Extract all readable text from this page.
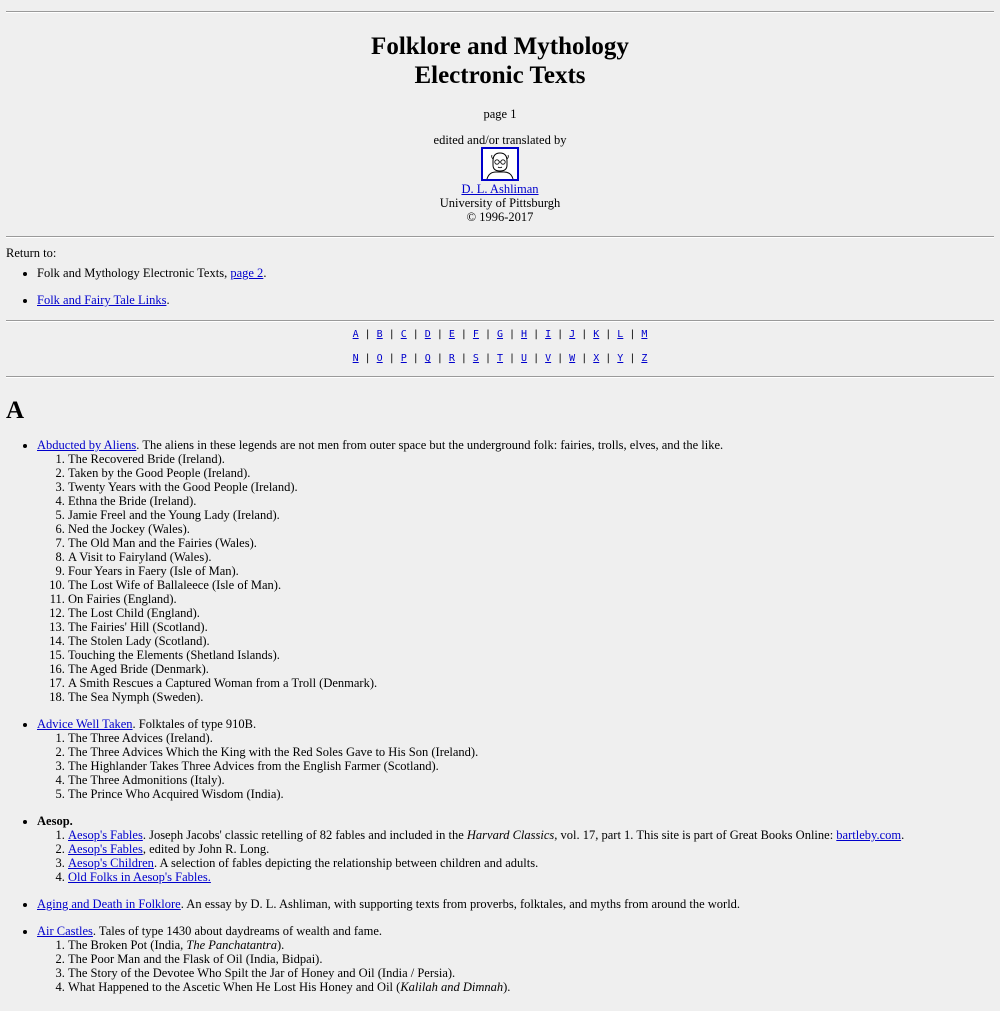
Folklore and Mythology
Electronic Texts
page 1
edited and/or translated by

D. L. Ashliman
University of Pittsburgh
© 1996-2017
Return to:
• Folk and Mythology Electronic Texts, page 2.
• Folk and Fairy Tale Links.
A | B | C | D | E | F | G | H | I | J | K | L | M
N | O | P | Q | R | S | T | U | V | W | X | Y | Z
A
• Abducted by Aliens. The aliens in these legends are not men from outer space but the underground folk: fairies, trolls, elves, and the like.
1. The Recovered Bride (Ireland).
2. Taken by the Good People (Ireland).
3. Twenty Years with the Good People (Ireland).
4. Ethna the Bride (Ireland).
5. Jamie Freel and the Young Lady (Ireland).
6. Ned the Jockey (Wales).
7. The Old Man and the Fairies (Wales).
8. A Visit to Fairyland (Wales).
9. Four Years in Faery (Isle of Man).
10. The Lost Wife of Ballaleece (Isle of Man).
11. On Fairies (England).
12. The Lost Child (England).
13. The Fairies' Hill (Scotland).
14. The Stolen Lady (Scotland).
15. Touching the Elements (Shetland Islands).
16. The Aged Bride (Denmark).
17. A Smith Rescues a Captured Woman from a Troll (Denmark).
18. The Sea Nymph (Sweden).
• Advice Well Taken. Folktales of type 910B.
1. The Three Advices (Ireland).
2. The Three Advices Which the King with the Red Soles Gave to His Son (Ireland).
3. The Highlander Takes Three Advices from the English Farmer (Scotland).
4. The Three Admonitions (Italy).
5. The Prince Who Acquired Wisdom (India).
• Aesop.
1. Aesop's Fables. Joseph Jacobs' classic retelling of 82 fables and included in the Harvard Classics, vol. 17, part 1. This site is part of Great Books Online: bartleby.com.
2. Aesop's Fables, edited by John R. Long.
3. Aesop's Children. A selection of fables depicting the relationship between children and adults.
4. Old Folks in Aesop's Fables.
• Aging and Death in Folklore. An essay by D. L. Ashliman, with supporting texts from proverbs, folktales, and myths from around the world.
• Air Castles. Tales of type 1430 about daydreams of wealth and fame.
1. The Broken Pot (India, The Panchatantra).
2. The Poor Man and the Flask of Oil (India, Bidpai).
3. The Story of the Devotee Who Spilt the Jar of Honey and Oil (India / Persia).
4. What Happened to the Ascetic When He Lost His Honey and Oil (Kalilah and Dimnah).
